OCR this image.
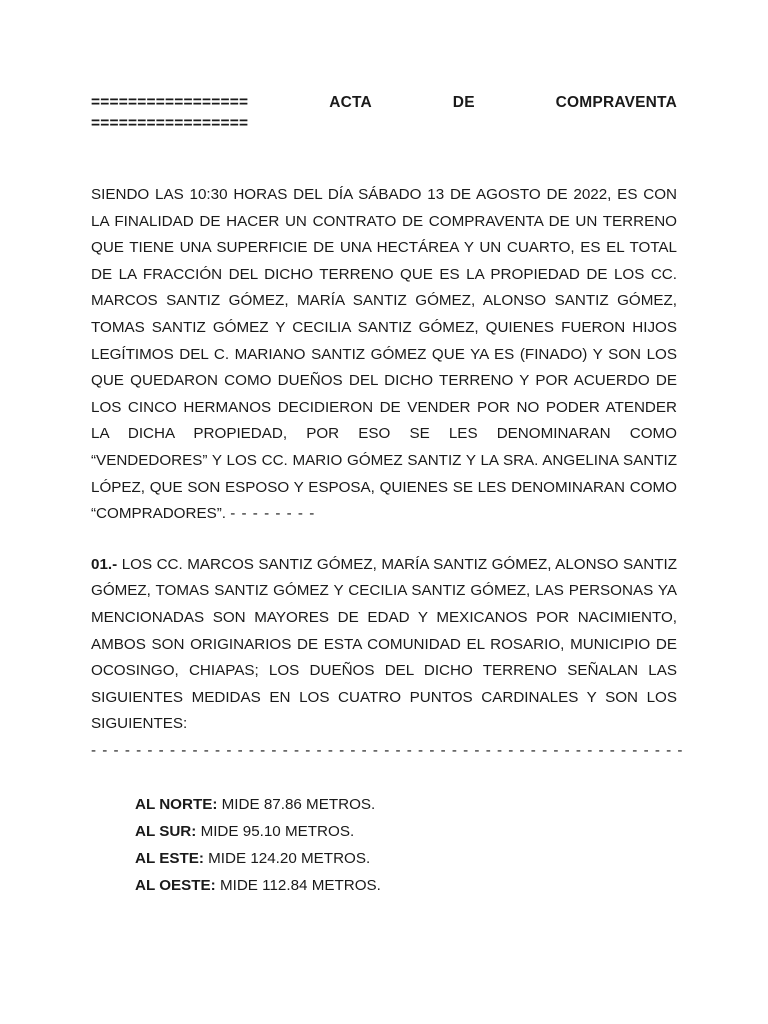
=================	ACTA	DE	COMPRAVENTA
=================

SIENDO LAS 10:30 HORAS DEL DÍA SÁBADO 13 DE AGOSTO DE 2022, ES CON LA FINALIDAD DE HACER UN CONTRATO DE COMPRAVENTA DE UN TERRENO QUE TIENE UNA SUPERFICIE DE UNA HECTÁREA Y UN CUARTO, ES EL TOTAL DE LA FRACCIÓN DEL DICHO TERRENO QUE ES LA PROPIEDAD DE LOS CC. MARCOS SANTIZ GÓMEZ, MARÍA SANTIZ GÓMEZ, ALONSO SANTIZ GÓMEZ, TOMAS SANTIZ GÓMEZ Y CECILIA SANTIZ GÓMEZ, QUIENES FUERON HIJOS LEGÍTIMOS DEL C. MARIANO SANTIZ GÓMEZ QUE YA ES (FINADO) Y SON LOS QUE QUEDARON COMO DUEÑOS DEL DICHO TERRENO Y POR ACUERDO DE LOS CINCO HERMANOS DECIDIERON DE VENDER POR NO PODER ATENDER LA DICHA PROPIEDAD, POR ESO SE LES DENOMINARAN COMO “VENDEDORES” Y LOS CC. MARIO GÓMEZ SANTIZ Y LA SRA. ANGELINA SANTIZ LÓPEZ, QUE SON ESPOSO Y ESPOSA, QUIENES SE LES DENOMINARAN COMO “COMPRADORES”. - - - - - - - -

01.- LOS CC. MARCOS SANTIZ GÓMEZ, MARÍA SANTIZ GÓMEZ, ALONSO SANTIZ GÓMEZ, TOMAS SANTIZ GÓMEZ Y CECILIA SANTIZ GÓMEZ, LAS PERSONAS YA MENCIONADAS SON MAYORES DE EDAD Y MEXICANOS POR NACIMIENTO, AMBOS SON ORIGINARIOS DE ESTA COMUNIDAD EL ROSARIO, MUNICIPIO DE OCOSINGO, CHIAPAS; LOS DUEÑOS DEL DICHO TERRENO SEÑALAN LAS SIGUIENTES MEDIDAS EN LOS CUATRO PUNTOS CARDINALES Y SON LOS SIGUIENTES: - - - - - - - - - - - - - - - - - - - - - - - - - - - - - - - - - - - - - - - - - - - - - - - - - - - - -

AL NORTE: MIDE 87.86 METROS.
AL SUR: MIDE 95.10 METROS.
AL ESTE: MIDE 124.20 METROS.
AL OESTE: MIDE 112.84 METROS.
